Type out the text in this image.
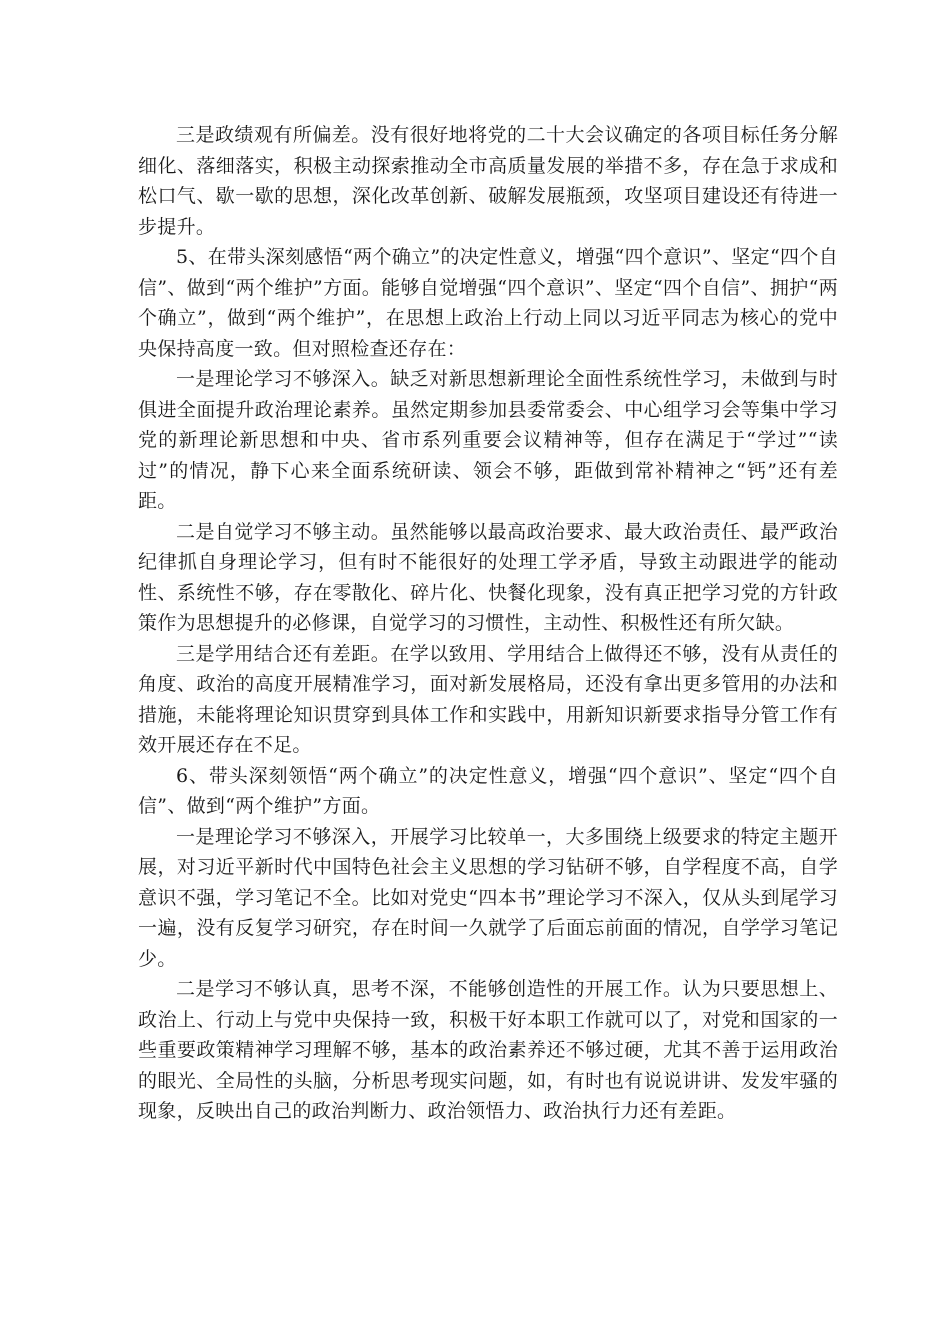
三是政绩观有所偏差。没有很好地将党的二十大会议确定的各项目标任务分解细化、落细落实，积极主动探索推动全市高质量发展的举措不多，存在急于求成和松口气、歇一歇的思想，深化改革创新、破解发展瓶颈，攻坚项目建设还有待进一步提升。

5、在带头深刻感悟“两个确立”的决定性意义，增强“四个意识”、坚定“四个自信”、做到“两个维护”方面。能够自觉增强“四个意识”、坚定“四个自信”、拥护“两个确立”，做到“两个维护”，在思想上政治上行动上同以习近平同志为核心的党中央保持高度一致。但对照检查还存在：

一是理论学习不够深入。缺乏对新思想新理论全面性系统性学习，未做到与时俱进全面提升政治理论素养。虽然定期参加县委常委会、中心组学习会等集中学习党的新理论新思想和中央、省市系列重要会议精神等，但存在满足于“学过”“读过”的情况，静下心来全面系统研读、领会不够，距做到常补精神之“钙”还有差距。

二是自觉学习不够主动。虽然能够以最高政治要求、最大政治责任、最严政治纪律抓自身理论学习，但有时不能很好的处理工学矛盾，导致主动跟进学的能动性、系统性不够，存在零散化、碎片化、快餐化现象，没有真正把学习党的方针政策作为思想提升的必修课，自觉学习的习惯性，主动性、积极性还有所欠缺。

三是学用结合还有差距。在学以致用、学用结合上做得还不够，没有从责任的角度、政治的高度开展精准学习，面对新发展格局，还没有拿出更多管用的办法和措施，未能将理论知识贯穿到具体工作和实践中，用新知识新要求指导分管工作有效开展还存在不足。

6、带头深刻领悟“两个确立”的决定性意义，增强“四个意识”、坚定“四个自信”、做到“两个维护”方面。

一是理论学习不够深入，开展学习比较单一，大多围绕上级要求的特定主题开展，对习近平新时代中国特色社会主义思想的学习钻研不够，自学程度不高，自学意识不强，学习笔记不全。比如对党史“四本书”理论学习不深入，仅从头到尾学习一遍，没有反复学习研究，存在时间一久就学了后面忘前面的情况，自学学习笔记少。

二是学习不够认真，思考不深，不能够创造性的开展工作。认为只要思想上、政治上、行动上与党中央保持一致，积极干好本职工作就可以了，对党和国家的一些重要政策精神学习理解不够，基本的政治素养还不够过硬，尤其不善于运用政治的眼光、全局性的头脑，分析思考现实问题，如，有时也有说说讲讲、发发牢骚的现象，反映出自己的政治判断力、政治领悟力、政治执行力还有差距。
